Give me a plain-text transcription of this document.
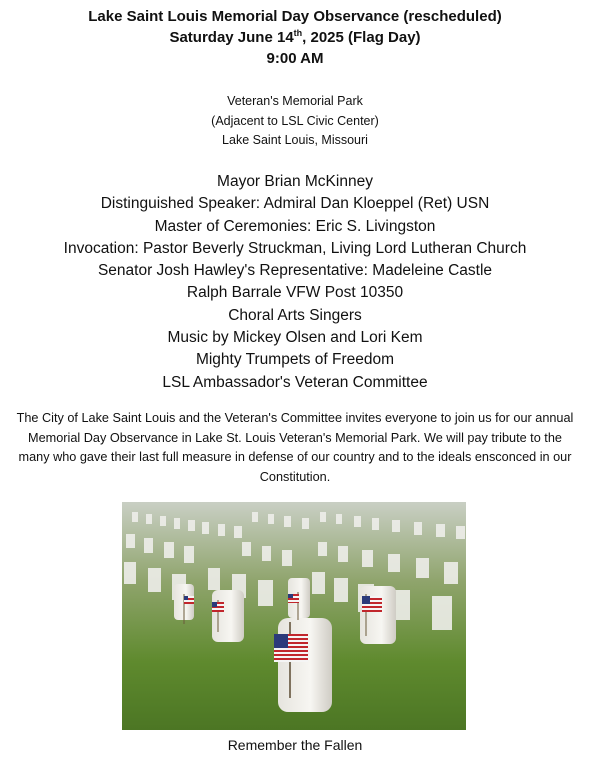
Lake Saint Louis Memorial Day Observance (rescheduled)
Saturday June 14th, 2025 (Flag Day)
9:00 AM
Veteran's Memorial Park
(Adjacent to LSL Civic Center)
Lake Saint Louis, Missouri
Mayor Brian McKinney
Distinguished Speaker: Admiral Dan Kloeppel (Ret) USN
Master of Ceremonies: Eric S. Livingston
Invocation: Pastor Beverly Struckman, Living Lord Lutheran Church
Senator Josh Hawley's Representative: Madeleine Castle
Ralph Barrale VFW Post 10350
Choral Arts Singers
Music by Mickey Olsen and Lori Kem
Mighty Trumpets of Freedom
LSL Ambassador's Veteran Committee
The City of Lake Saint Louis and the Veteran's Committee invites everyone to join us for our annual Memorial Day Observance in Lake St. Louis Veteran's Memorial Park. We will pay tribute to the many who gave their last full measure in defense of our country and to the ideals ensconced in our Constitution.
Remember the Fallen
